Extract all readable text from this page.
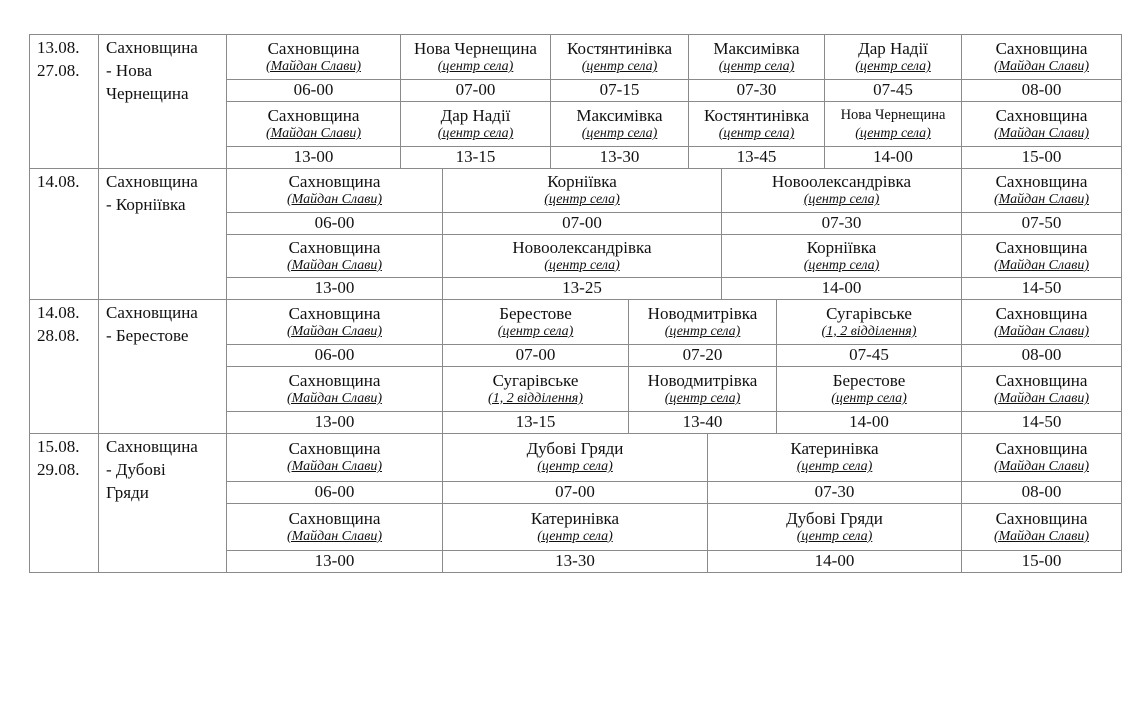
13.08.
27.08.
Сахновщина
- Нова
Чернещина
Сахновщина
(Майдан Слави)
06-00
Нова Чернещина
(центр села)
07-00
Костянтинівка
(центр села)
07-15
Максимівка
(центр села)
07-30
Дар Надії
(центр села)
07-45
Сахновщина
(Майдан Слави)
08-00
Сахновщина
(Майдан Слави)
13-00
Дар Надії
(центр села)
13-15
Максимівка
(центр села)
13-30
Костянтинівка
(центр села)
13-45
Нова Чернещина
(центр села)
14-00
Сахновщина
(Майдан Слави)
15-00
14.08.	Сахновщина
- Корніївка
Сахновщина
(Майдан Слави)
06-00
Корніївка
(центр села)
07-00
Новоолександрівка
(центр села)
07-30
Сахновщина
(Майдан Слави)
07-50
Сахновщина
(Майдан Слави)
13-00
Новоолександрівка
(центр села)
13-25
Корніївка
(центр села)
14-00
Сахновщина
(Майдан Слави)
14-50
14.08.
28.08.
Сахновщина
- Берестове
Сахновщина
(Майдан Слави)
06-00
Берестове
(центр села)
07-00
Новодмитрівка
(центр села)
07-20
Сугарівське
(1, 2 відділення)
07-45
Сахновщина
(Майдан Слави)
08-00
Сахновщина
(Майдан Слави)
13-00
Сугарівське
(1, 2 відділення)
13-15
Новодмитрівка
(центр села)
13-40
Берестове
(центр села)
14-00
Сахновщина
(Майдан Слави)
14-50
15.08.
29.08.
Сахновщина
- Дубові
Гряди
Сахновщина
(Майдан Слави)
06-00
Дубові Гряди
(центр села)
07-00
Катеринівка
(центр села)
07-30
Сахновщина
(Майдан Слави)
08-00
Сахновщина
(Майдан Слави)
13-00
Катеринівка
(центр села)
13-30
Дубові Гряди
(центр села)
14-00
Сахновщина
(Майдан Слави)
15-00
